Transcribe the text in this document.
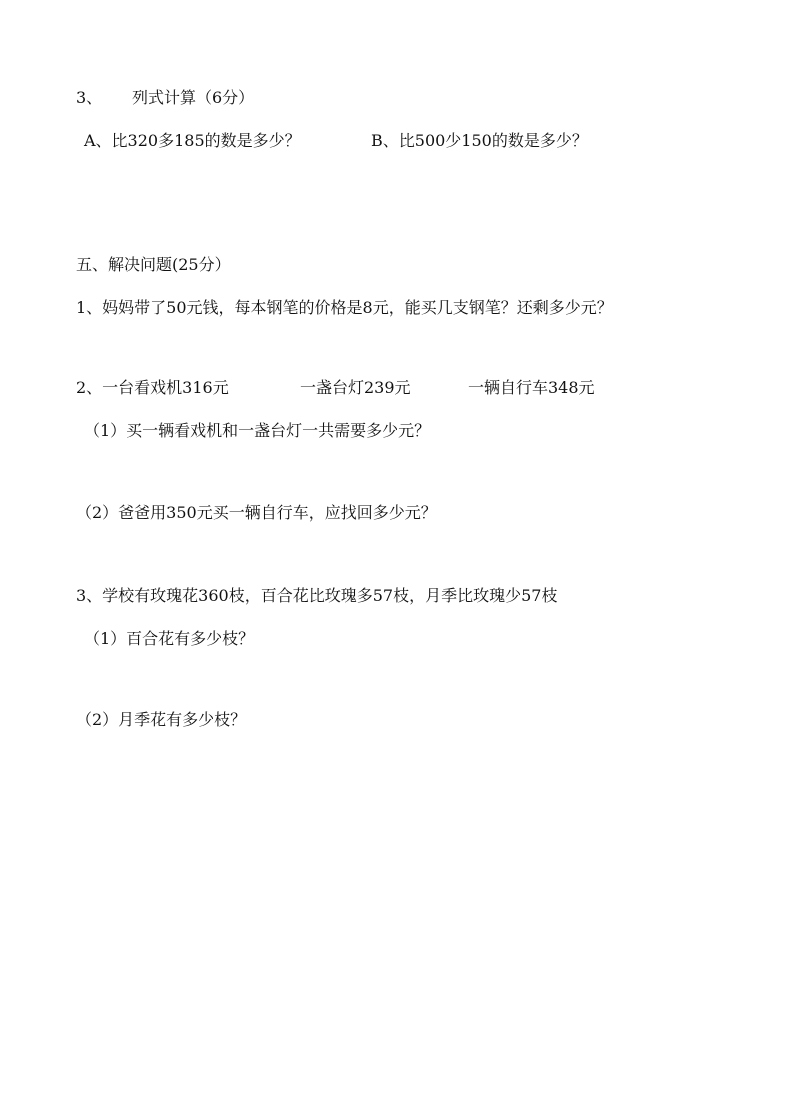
3、 列式计算（6分）
A、比320多185的数是多少？	B、比500少150的数是多少？
五、解决问题(25分）
1、妈妈带了50元钱，每本钢笔的价格是8元，能买几支钢笔？还剩多少元？
2、一台看戏机316元	一盏台灯239元	一辆自行车348元
（1）买一辆看戏机和一盏台灯一共需要多少元？
（2）爸爸用350元买一辆自行车，应找回多少元？
3、学校有玫瑰花360枝，百合花比玫瑰多57枝，月季比玫瑰少57枝
（1）百合花有多少枝？
（2）月季花有多少枝？
